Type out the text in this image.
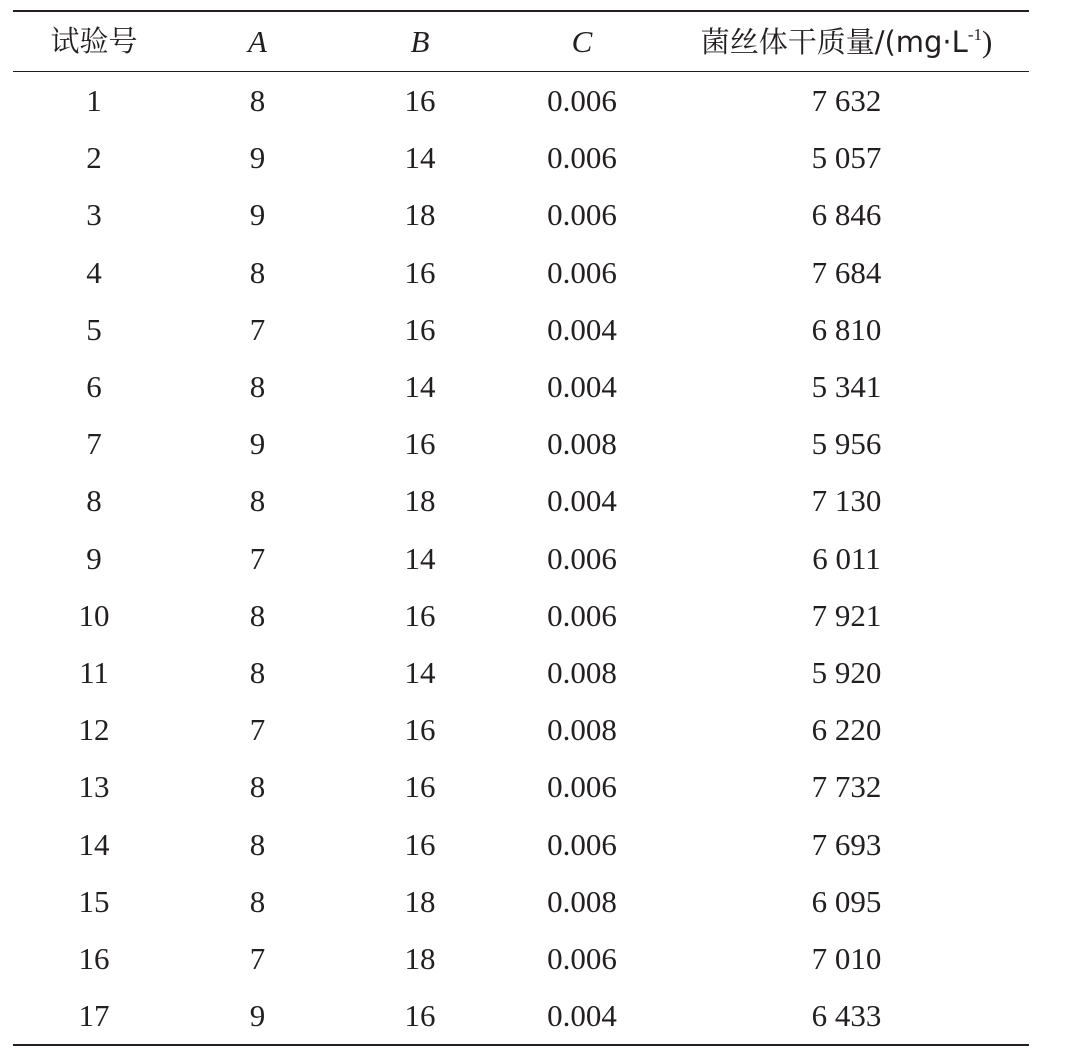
试验号	A	B	C	菌丝体干质量$/(mg\cdot L^{-1})$
1	8	16	0.006	7 632
2	9	14	0.006	5 057
3	9	18	0.006	6 846
4	8	16	0.006	7 684
5	7	16	0.004	6 810
6	8	14	0.004	5 341
7	9	16	0.008	5 956
8	8	18	0.004	7 130
9	7	14	0.006	6 011
10	8	16	0.006	7 921
11	8	14	0.008	5 920
12	7	16	0.008	6 220
13	8	16	0.006	7 732
14	8	16	0.006	7 693
15	8	18	0.008	6 095
16	7	18	0.006	7 010
17	9	16	0.004	6 433
